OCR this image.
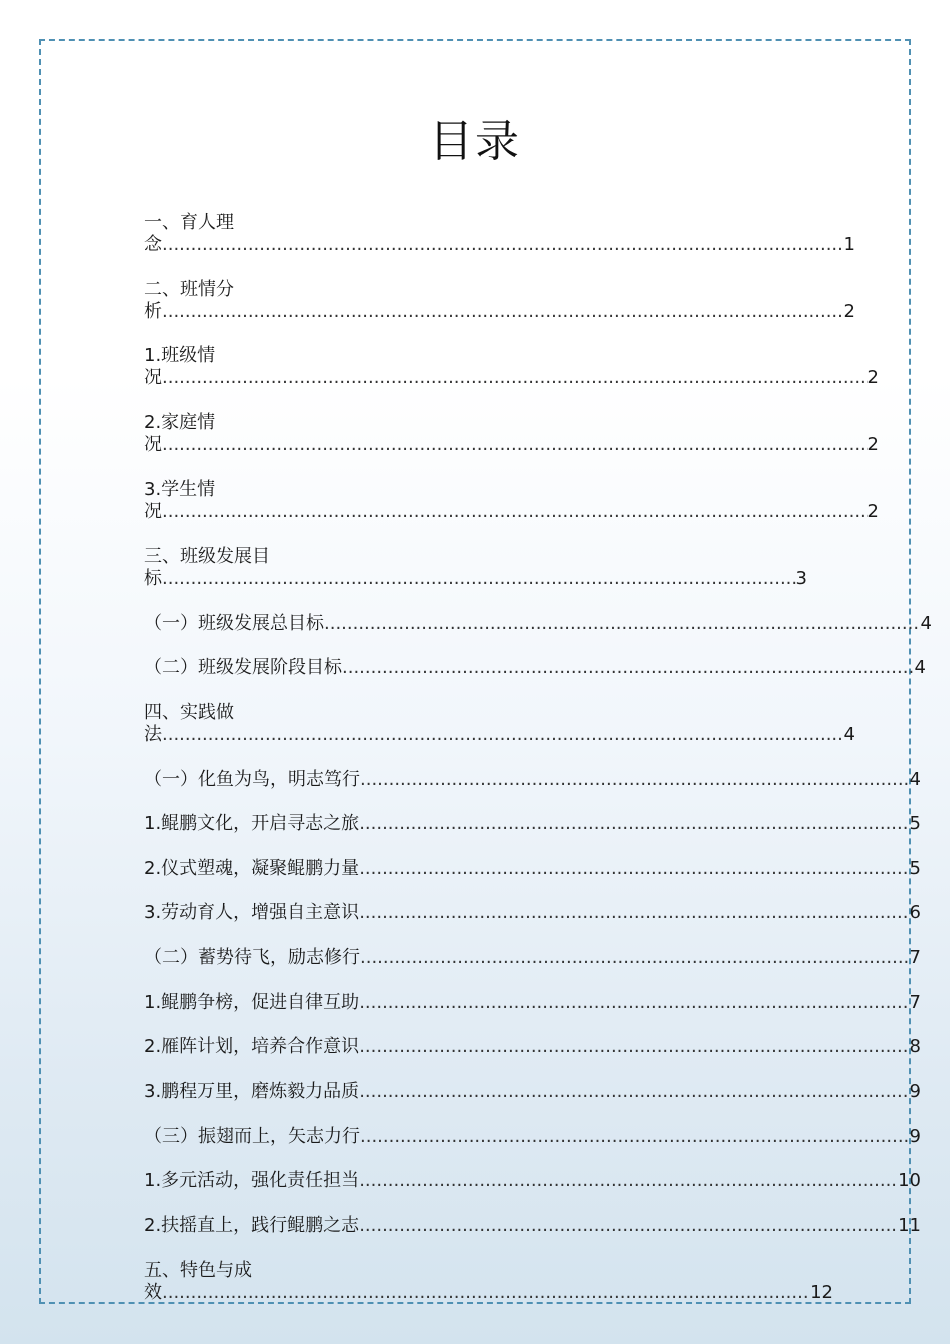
目录
一、育人理
念 .....	1
二、班情分
析 .....	2
1.班级情
况 .....	2
2.家庭情
况 .....	2
3.学生情
况 .....	2
三、班级发展目
标 .....	3
（一）班级发展总目标 .....	4
（二）班级发展阶段目标 .....	4
四、实践做
法 .....	4
（一）化鱼为鸟，明志笃行 .....	4
1.鲲鹏文化，开启寻志之旅 .....	5
2.仪式塑魂，凝聚鲲鹏力量 .....	5
3.劳动育人，增强自主意识 .....	6
（二）蓄势待飞，励志修行 .....	7
1.鲲鹏争榜，促进自律互助 .....	7
2.雁阵计划，培养合作意识 .....	8
3.鹏程万里，磨炼毅力品质 .....	9
（三）振翅而上，矢志力行 .....	9
1.多元活动，强化责任担当 .....	10
2.扶摇直上，践行鲲鹏之志 .....	11
五、特色与成
效 .....	12
